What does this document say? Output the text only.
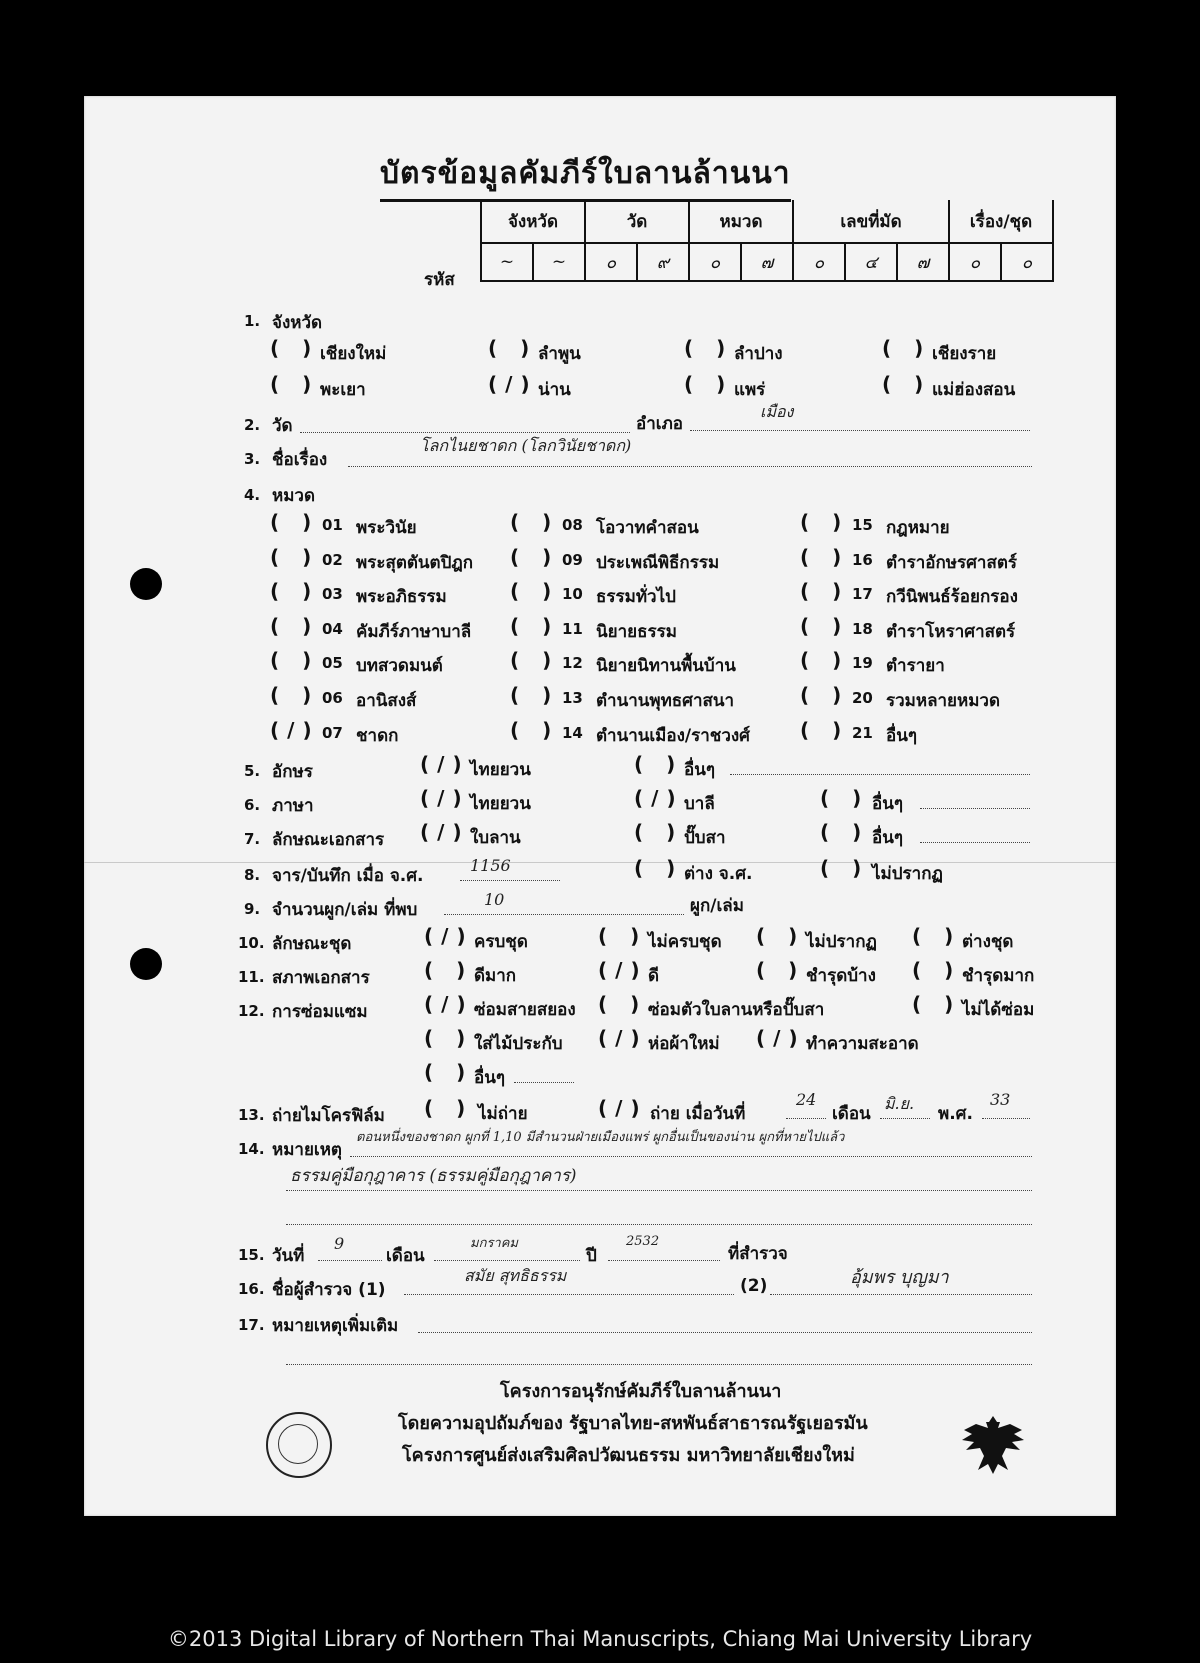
บัตรข้อมูลคัมภีร์ใบลานล้านนา
รหัส
จังหวัด		วัด		หมวด		เลขที่มัด			เรื่อง/ชุด	
~	~	๐	๙	๐	๗	๐	๔	๗	๐	๐
1. จังหวัด
( ) เชียงใหม่	( ) ลำพูน	( ) ลำปาง	( ) เชียงราย
( ) พะเยา	(/) น่าน	( ) แพร่	( ) แม่ฮ่องสอน
2. วัด	อำเภอ
เมือง
3. ชื่อเรื่อง
โลกไนยชาดก (โลกวินัยชาดก)
4. หมวด
( ) 01 พระวินัย	( ) 08 โอวาทคำสอน	( ) 15 กฎหมาย
( ) 02 พระสุตตันตปิฎก ( ) 09 ประเพณีพิธีกรรม	( ) 16 ตำราอักษรศาสตร์
( ) 03 พระอภิธรรม	( ) 10 ธรรมทั่วไป	( ) 17 กวีนิพนธ์ร้อยกรอง
( ) 04 คัมภีร์ภาษาบาลี ( ) 11 นิยายธรรม	( ) 18 ตำราโหราศาสตร์
( ) 05 บทสวดมนต์	( ) 12 นิยายนิทานพื้นบ้าน	( ) 19 ตำรายา
( ) 06 อานิสงส์	( ) 13 ตำนานพุทธศาสนา	( ) 20 รวมหลายหมวด
(/) 07 ชาดก	( ) 14 ตำนานเมือง/ราชวงศ์	( ) 21 อื่นๆ
5. อักษร	(/) ไทยยวน	( ) อื่นๆ
6. ภาษา	(/) ไทยยวน	(/) บาลี	( ) อื่นๆ
7. ลักษณะเอกสาร (/) ใบลาน	( ) ปั๊บสา	( ) อื่นๆ
8. จาร/บันทึก เมื่อ จ.ศ.
1156	( ) ต่าง จ.ศ.	( ) ไม่ปรากฏ
9. จำนวนผูก/เล่ม ที่พบ
10	ผูก/เล่ม
10. ลักษณะชุด	(/) ครบชุด	( ) ไม่ครบชุด ( ) ไม่ปรากฏ ( ) ต่างชุด
11. สภาพเอกสาร	( ) ดีมาก	(/) ดี	( ) ชำรุดบ้าง ( ) ชำรุดมาก
12. การซ่อมแซม	(/) ซ่อมสายสยอง ( ) ซ่อมตัวใบลานหรือปั๊บสา	( ) ไม่ได้ซ่อม
( ) ใส่ไม้ประกับ (/) ห่อผ้าใหม่ (/) ทำความสะอาด
( ) อื่นๆ
13. ถ่ายไมโครฟิล์ม ( ) ไม่ถ่าย	(/) ถ่าย เมื่อวันที่
24
เดือน
มิ.ย.
พ.ศ.
33
14. หมายเหตุ
ตอนหนึ่งของชาดก ผูกที่ 1,10 มีสำนวนฝ่ายเมืองแพร่ ผูกอื่นเป็นของน่าน ผูกที่หายไปแล้ว
ธรรมคู่มือกุฎาคาร (ธรรมคู่มือกุฎาคาร)
15. วันที่
9
เดือน
มกราคม
ปี
2532
ที่สำรวจ
16. ชื่อผู้สำรวจ (1)
สมัย สุทธิธรรม
(2)	อุ้มพร บุญมา
17. หมายเหตุเพิ่มเติม
โครงการอนุรักษ์คัมภีร์ใบลานล้านนา
โดยความอุปถัมภ์ของ รัฐบาลไทย-สหพันธ์สาธารณรัฐเยอรมัน
โครงการศูนย์ส่งเสริมศิลปวัฒนธรรม มหาวิทยาลัยเชียงใหม่
©2013 Digital Library of Northern Thai Manuscripts, Chiang Mai University Library
